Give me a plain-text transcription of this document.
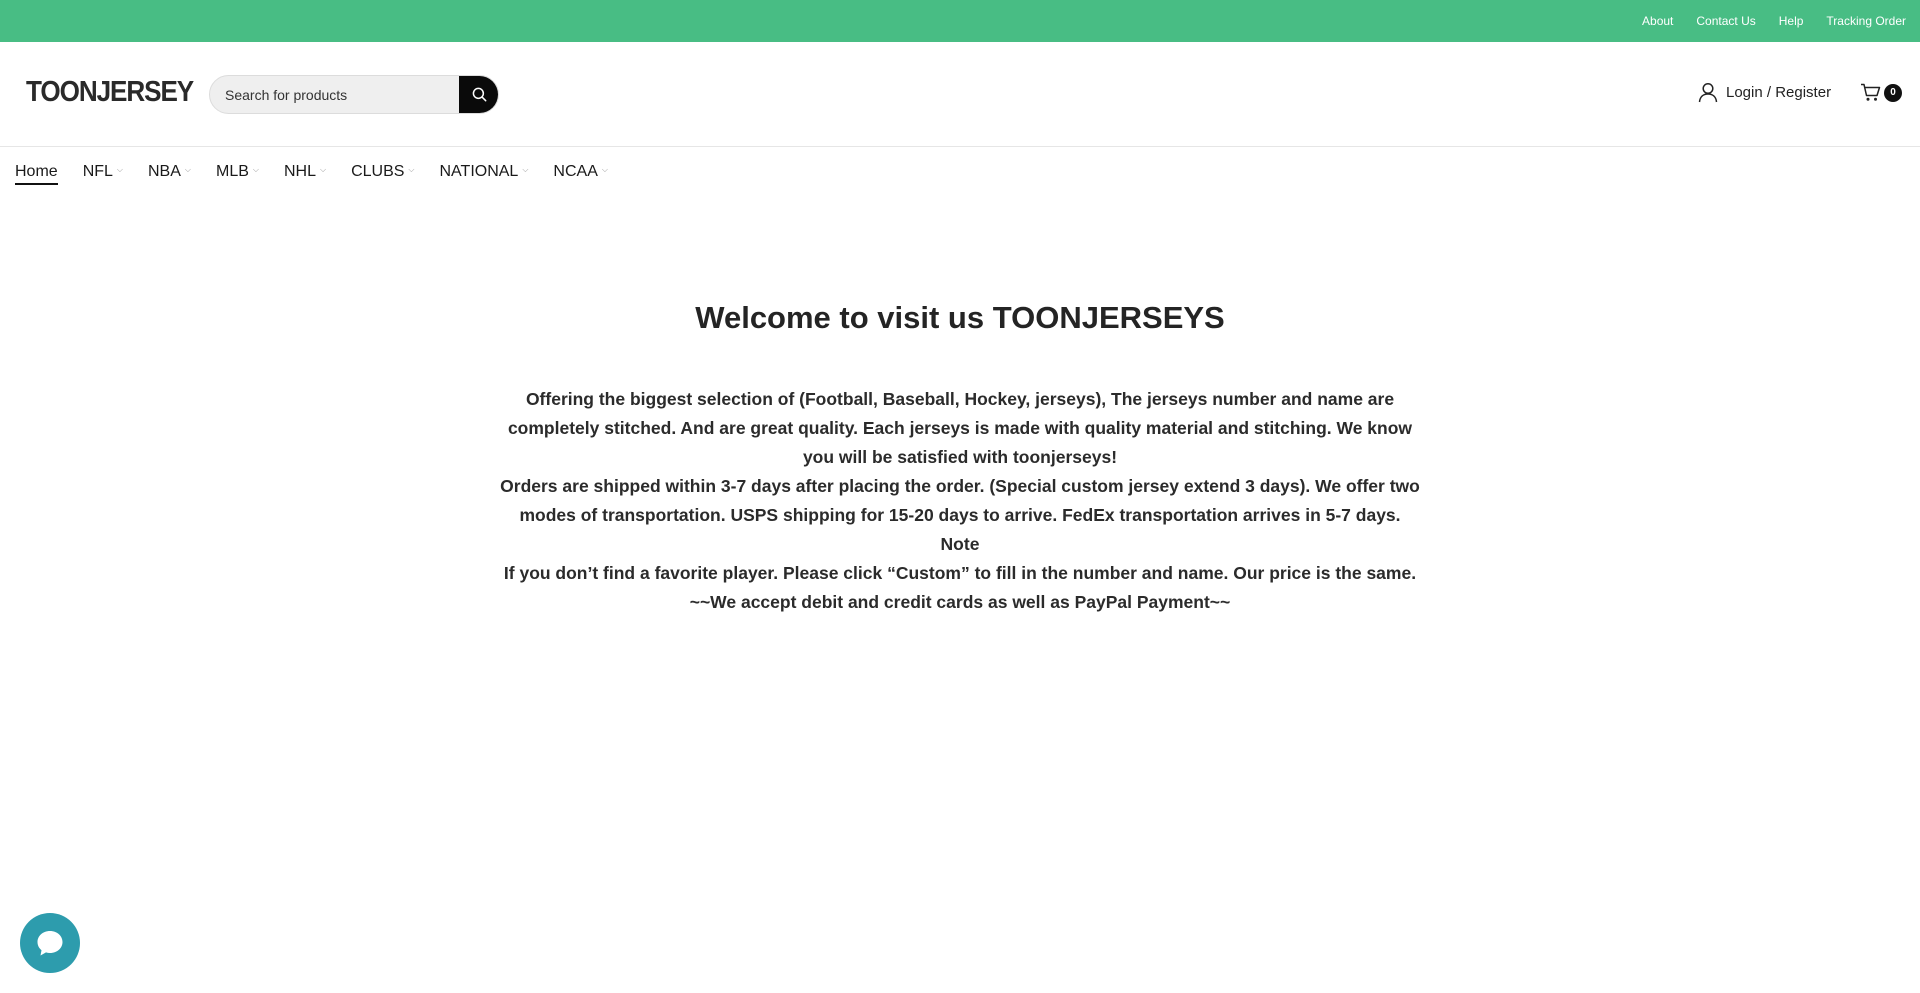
About Contact Us Help Tracking Order
TOONJERSEY
Search for products	Login / Register	0
Home NFL ⌵ NBA ⌵ MLB ⌵ NHL ⌵ CLUBS ⌵ NATIONAL ⌵ NCAA ⌵
Welcome to visit us TOONJERSEYS

Offering the biggest selection of (Football, Baseball, Hockey, jerseys), The jerseys number and name are completely stitched. And are great quality. Each jerseys is made with quality material and stitching. We know you will be satisfied with toonjerseys!

Orders are shipped within 3-7 days after placing the order. (Special custom jersey extend 3 days). We offer two modes of transportation. USPS shipping for 15-20 days to arrive. FedEx transportation arrives in 5-7 days.

Note

If you don’t find a favorite player. Please click “Custom” to fill in the number and name. Our price is the same.

~~We accept debit and credit cards as well as PayPal Payment~~
